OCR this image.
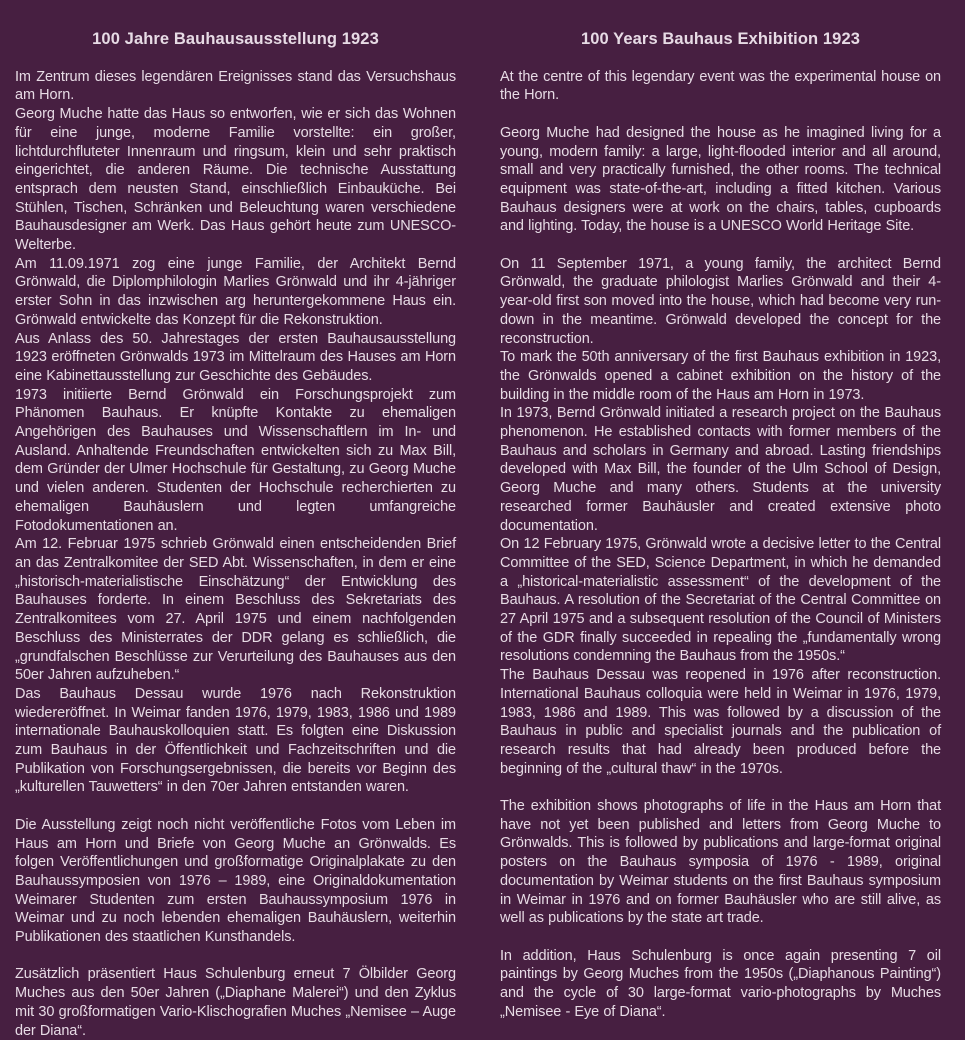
100 Jahre Bauhausausstellung 1923

Im Zentrum dieses legendären Ereignisses stand das Versuchshaus am Horn.

Georg Muche hatte das Haus so entworfen, wie er sich das Wohnen für eine junge, moderne Familie vorstellte: ein großer, lichtdurchfluteter Innenraum und ringsum, klein und sehr praktisch eingerichtet, die anderen Räume. Die technische Ausstattung entsprach dem neusten Stand, einschließlich Einbauküche. Bei Stühlen, Tischen, Schränken und Beleuchtung waren verschiedene Bauhausdesigner am Werk. Das Haus gehört heute zum UNESCO-Welterbe.

Am 11.09.1971 zog eine junge Familie, der Architekt Bernd Grönwald, die Diplomphilologin Marlies Grönwald und ihr 4-jähriger erster Sohn in das inzwischen arg heruntergekommene Haus ein. Grönwald entwickelte das Konzept für die Rekonstruktion.

Aus Anlass des 50. Jahrestages der ersten Bauhausausstellung 1923 eröffneten Grönwalds 1973 im Mittelraum des Hauses am Horn eine Kabinettausstellung zur Geschichte des Gebäudes.

1973 initiierte Bernd Grönwald ein Forschungsprojekt zum Phänomen Bauhaus. Er knüpfte Kontakte zu ehemaligen Angehörigen des Bauhauses und Wissenschaftlern im In- und Ausland. Anhaltende Freundschaften entwickelten sich zu Max Bill, dem Gründer der Ulmer Hochschule für Gestaltung, zu Georg Muche und vielen anderen. Studenten der Hochschule recherchierten zu ehemaligen Bauhäuslern und legten umfangreiche Fotodokumentationen an.

Am 12. Februar 1975 schrieb Grönwald einen entscheidenden Brief an das Zentralkomitee der SED Abt. Wissenschaften, in dem er eine „historisch-materialistische Einschätzung“ der Entwicklung des Bauhauses forderte. In einem Beschluss des Sekretariats des Zentralkomitees vom 27. April 1975 und einem nachfolgenden Beschluss des Ministerrates der DDR gelang es schließlich, die „grundfalschen Beschlüsse zur Verurteilung des Bauhauses aus den 50er Jahren aufzuheben.“

Das Bauhaus Dessau wurde 1976 nach Rekonstruktion wiedereröffnet. In Weimar fanden 1976, 1979, 1983, 1986 und 1989 internationale Bauhauskolloquien statt. Es folgten eine Diskussion zum Bauhaus in der Öffentlichkeit und Fachzeitschriften und die Publikation von Forschungsergebnissen, die bereits vor Beginn des „kulturellen Tauwetters“ in den 70er Jahren entstanden waren.

Die Ausstellung zeigt noch nicht veröffentliche Fotos vom Leben im Haus am Horn und Briefe von Georg Muche an Grönwalds. Es folgen Veröffentlichungen und großformatige Originalplakate zu den Bauhaussymposien von 1976 – 1989, eine Originaldokumentation Weimarer Studenten zum ersten Bauhaussymposium 1976 in Weimar und zu noch lebenden ehemaligen Bauhäuslern, weiterhin Publikationen des staatlichen Kunsthandels.

Zusätzlich präsentiert Haus Schulenburg erneut 7 Ölbilder Georg Muches aus den 50er Jahren („Diaphane Malerei“) und den Zyklus mit 30 großformatigen Vario-Klischografien Muches „Nemisee – Auge der Diana“.

100 Years Bauhaus Exhibition 1923

At the centre of this legendary event was the experimental house on the Horn.

Georg Muche had designed the house as he imagined living for a young, modern family: a large, light-flooded interior and all around, small and very practically furnished, the other rooms. The technical equipment was state-of-the-art, including a fitted kitchen. Various Bauhaus designers were at work on the chairs, tables, cupboards and lighting. Today, the house is a UNESCO World Heritage Site.

On 11 September 1971, a young family, the architect Bernd Grönwald, the graduate philologist Marlies Grönwald and their 4-year-old first son moved into the house, which had become very run-down in the meantime. Grönwald developed the concept for the reconstruction.

To mark the 50th anniversary of the first Bauhaus exhibition in 1923, the Grönwalds opened a cabinet exhibition on the history of the building in the middle room of the Haus am Horn in 1973.

In 1973, Bernd Grönwald initiated a research project on the Bauhaus phenomenon. He established contacts with former members of the Bauhaus and scholars in Germany and abroad. Lasting friendships developed with Max Bill, the founder of the Ulm School of Design, Georg Muche and many others. Students at the university researched former Bauhäusler and created extensive photo documentation.

On 12 February 1975, Grönwald wrote a decisive letter to the Central Committee of the SED, Science Department, in which he demanded a „historical-materialistic assessment“ of the development of the Bauhaus. A resolution of the Secretariat of the Central Committee on 27 April 1975 and a subsequent resolution of the Council of Ministers of the GDR finally succeeded in repealing the „fundamentally wrong resolutions condemning the Bauhaus from the 1950s.“

The Bauhaus Dessau was reopened in 1976 after reconstruction. International Bauhaus colloquia were held in Weimar in 1976, 1979, 1983, 1986 and 1989. This was followed by a discussion of the Bauhaus in public and specialist journals and the publication of research results that had already been produced before the beginning of the „cultural thaw“ in the 1970s.

The exhibition shows photographs of life in the Haus am Horn that have not yet been published and letters from Georg Muche to Grönwalds. This is followed by publications and large-format original posters on the Bauhaus symposia of 1976 - 1989, original documentation by Weimar students on the first Bauhaus symposium in Weimar in 1976 and on former Bauhäusler who are still alive, as well as publications by the state art trade.

In addition, Haus Schulenburg is once again presenting 7 oil paintings by Georg Muches from the 1950s („Diaphanous Painting“) and the cycle of 30 large-format vario-photographs by Muches „Nemisee - Eye of Diana“.
